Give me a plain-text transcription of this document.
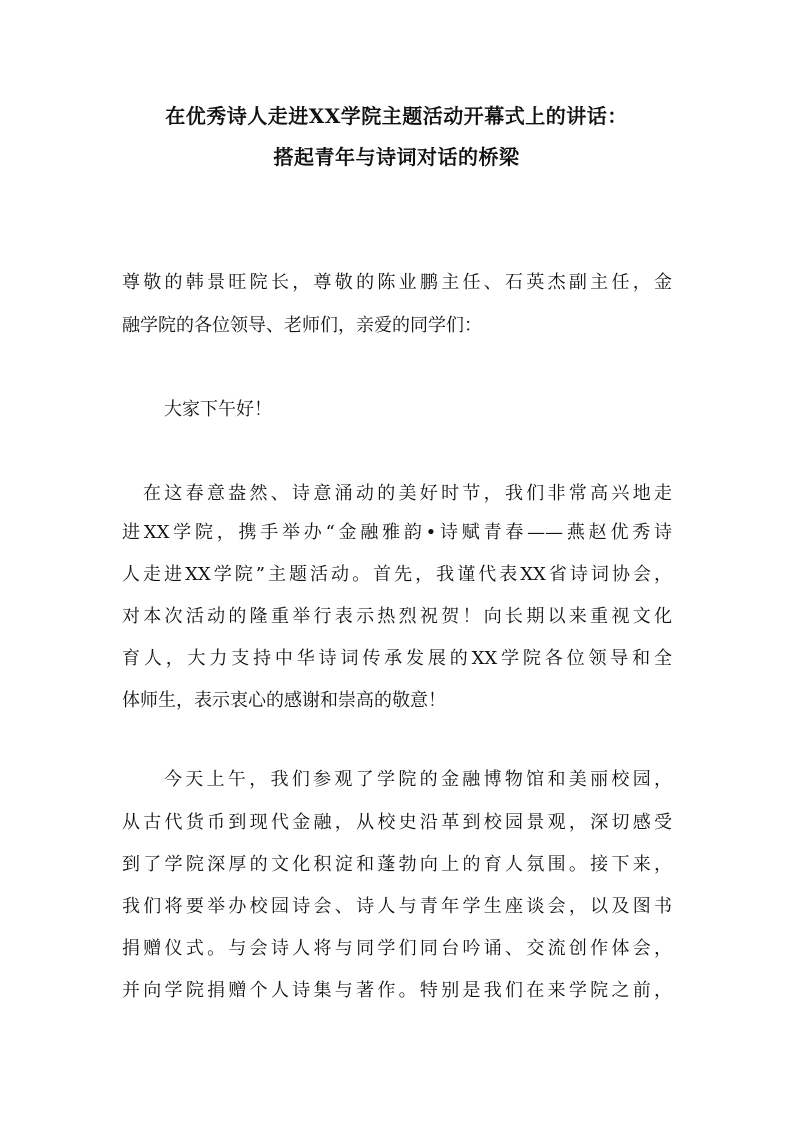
在优秀诗人走进XX学院主题活动开幕式上的讲话：
搭起青年与诗词对话的桥梁
尊敬的韩景旺院长，尊敬的陈业鹏主任、石英杰副主任，金
融学院的各位领导、老师们，亲爱的同学们：
大家下午好！
在这春意盎然、诗意涌动的美好时节，我们非常高兴地走
进XX学院，携手举办“金融雅韵•诗赋青春——燕赵优秀诗
人走进XX学院”主题活动。首先，我谨代表XX省诗词协会，
对本次活动的隆重举行表示热烈祝贺！向长期以来重视文化
育人，大力支持中华诗词传承发展的XX学院各位领导和全
体师生，表示衷心的感谢和崇高的敬意！
今天上午，我们参观了学院的金融博物馆和美丽校园，
从古代货币到现代金融，从校史沿革到校园景观，深切感受
到了学院深厚的文化积淀和蓬勃向上的育人氛围。接下来，
我们将要举办校园诗会、诗人与青年学生座谈会，以及图书
捐赠仪式。与会诗人将与同学们同台吟诵、交流创作体会，
并向学院捐赠个人诗集与著作。特别是我们在来学院之前，
